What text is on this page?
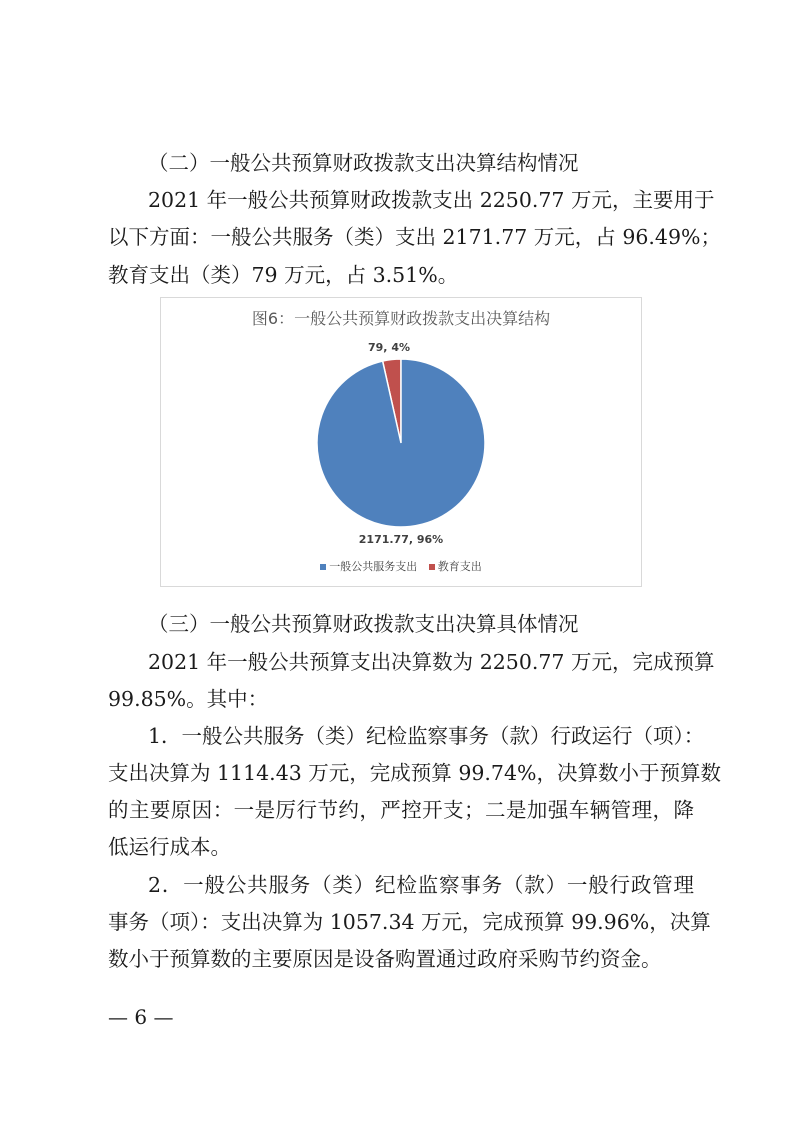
（二）一般公共预算财政拨款支出决算结构情况
2021 年一般公共预算财政拨款支出 2250.77 万元，主要用于
以下方面：一般公共服务（类）支出 2171.77 万元，占 96.49%；
教育支出（类）79 万元，占 3.51%。
图6：一般公共预算财政拨款支出决算结构
2171.77, 96%
79, 4%
一般公共服务支出 教育支出
（三）一般公共预算财政拨款支出决算具体情况
2021 年一般公共预算支出决算数为 2250.77 万元，完成预算
99.85%。其中：
1．一般公共服务（类）纪检监察事务（款）行政运行（项）：
支出决算为 1114.43 万元，完成预算 99.74%，决算数小于预算数
的主要原因：一是厉行节约，严控开支；二是加强车辆管理，降
低运行成本。
2．一般公共服务（类）纪检监察事务（款）一般行政管理
事务（项）：支出决算为 1057.34 万元，完成预算 99.96%，决算
数小于预算数的主要原因是设备购置通过政府采购节约资金。
— 6 —
